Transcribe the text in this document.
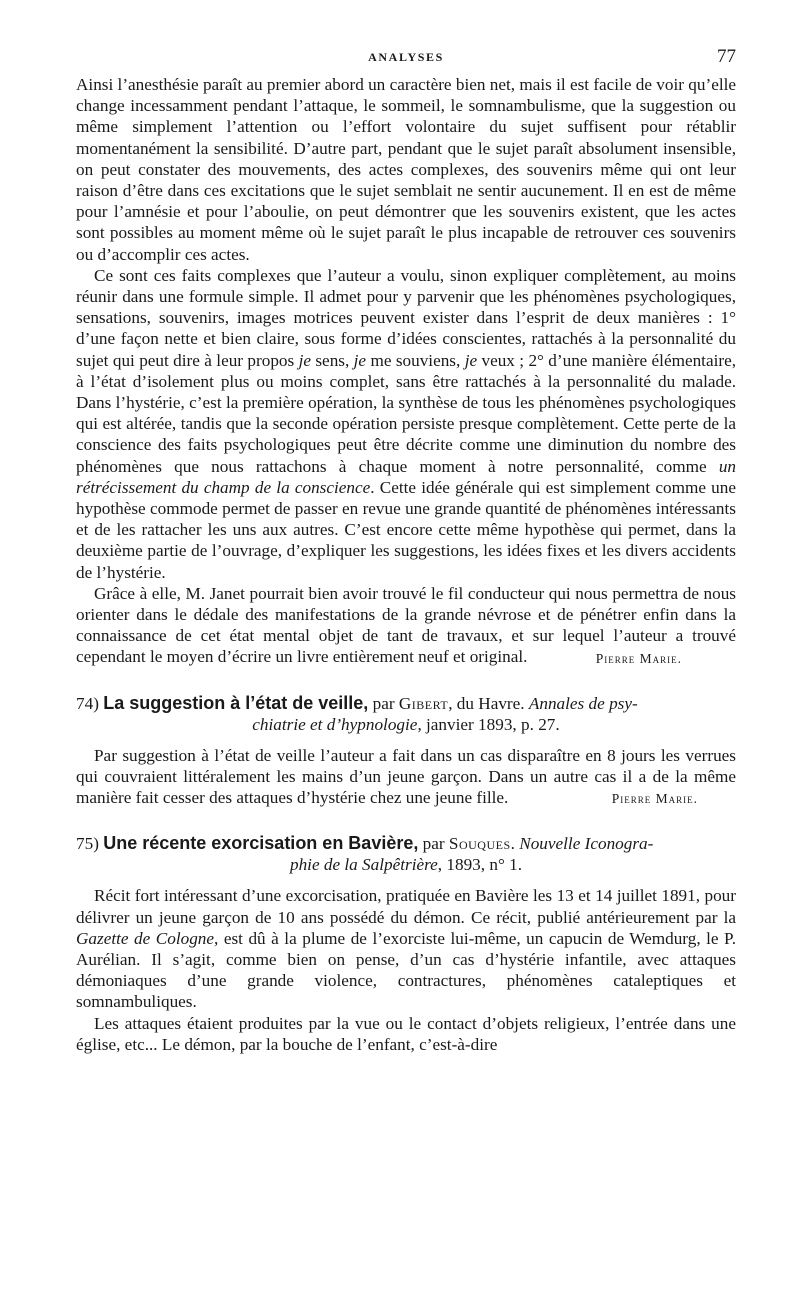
ANALYSES	77

Ainsi l’anesthésie paraît au premier abord un caractère bien net, mais il est facile de voir qu’elle change incessamment pendant l’attaque, le sommeil, le somnambulisme, que la suggestion ou même simplement l’attention ou l’effort volontaire du sujet suffisent pour rétablir momentanément la sensibilité. D’autre part, pendant que le sujet paraît absolument insensible, on peut constater des mouvements, des actes complexes, des souvenirs même qui ont leur raison d’être dans ces excitations que le sujet semblait ne sentir aucunement. Il en est de même pour l’amnésie et pour l’aboulie, on peut démontrer que les souvenirs existent, que les actes sont possibles au moment même où le sujet paraît le plus incapable de retrouver ces souvenirs ou d’accomplir ces actes.

Ce sont ces faits complexes que l’auteur a voulu, sinon expliquer complètement, au moins réunir dans une formule simple. Il admet pour y parvenir que les phénomènes psychologiques, sensations, souvenirs, images motrices peuvent exister dans l’esprit de deux manières : 1° d’une façon nette et bien claire, sous forme d’idées conscientes, rattachés à la personnalité du sujet qui peut dire à leur propos je sens, je me souviens, je veux ; 2° d’une manière élémentaire, à l’état d’isolement plus ou moins complet, sans être rattachés à la personnalité du malade. Dans l’hystérie, c’est la première opération, la synthèse de tous les phénomènes psychologiques qui est altérée, tandis que la seconde opération persiste presque complètement. Cette perte de la conscience des faits psychologiques peut être décrite comme une diminution du nombre des phénomènes que nous rattachons à chaque moment à notre personnalité, comme un rétrécissement du champ de la conscience. Cette idée générale qui est simplement comme une hypothèse commode permet de passer en revue une grande quantité de phénomènes intéressants et de les rattacher les uns aux autres. C’est encore cette même hypothèse qui permet, dans la deuxième partie de l’ouvrage, d’expliquer les suggestions, les idées fixes et les divers accidents de l’hystérie.

Grâce à elle, M. Janet pourrait bien avoir trouvé le fil conducteur qui nous permettra de nous orienter dans le dédale des manifestations de la grande névrose et de pénétrer enfin dans la connaissance de cet état mental objet de tant de travaux, et sur lequel l’auteur a trouvé cependant le moyen d’écrire un livre entièrement neuf et original.	Pierre Marie.
74) La suggestion à l’état de veille, par Gibert, du Havre. Annales de psy-
chiatrie et d’hypnologie, janvier 1893, p. 27.

Par suggestion à l’état de veille l’auteur a fait dans un cas disparaître en 8 jours les verrues qui couvraient littéralement les mains d’un jeune garçon. Dans un autre cas il a de la même manière fait cesser des attaques d’hystérie chez une jeune fille.	Pierre Marie.
75) Une récente exorcisation en Bavière, par Souques. Nouvelle Iconogra-
phie de la Salpêtrière, 1893, n° 1.

Récit fort intéressant d’une excorcisation, pratiquée en Bavière les 13 et 14 juillet 1891, pour délivrer un jeune garçon de 10 ans possédé du démon. Ce récit, publié antérieurement par la Gazette de Cologne, est dû à la plume de l’exorciste lui-même, un capucin de Wemdurg, le P. Aurélian. Il s’agit, comme bien on pense, d’un cas d’hystérie infantile, avec attaques démoniaques d’une grande violence, contractures, phénomènes cataleptiques et somnambuliques.

Les attaques étaient produites par la vue ou le contact d’objets religieux, l’entrée dans une église, etc... Le démon, par la bouche de l’enfant, c’est-à-dire
